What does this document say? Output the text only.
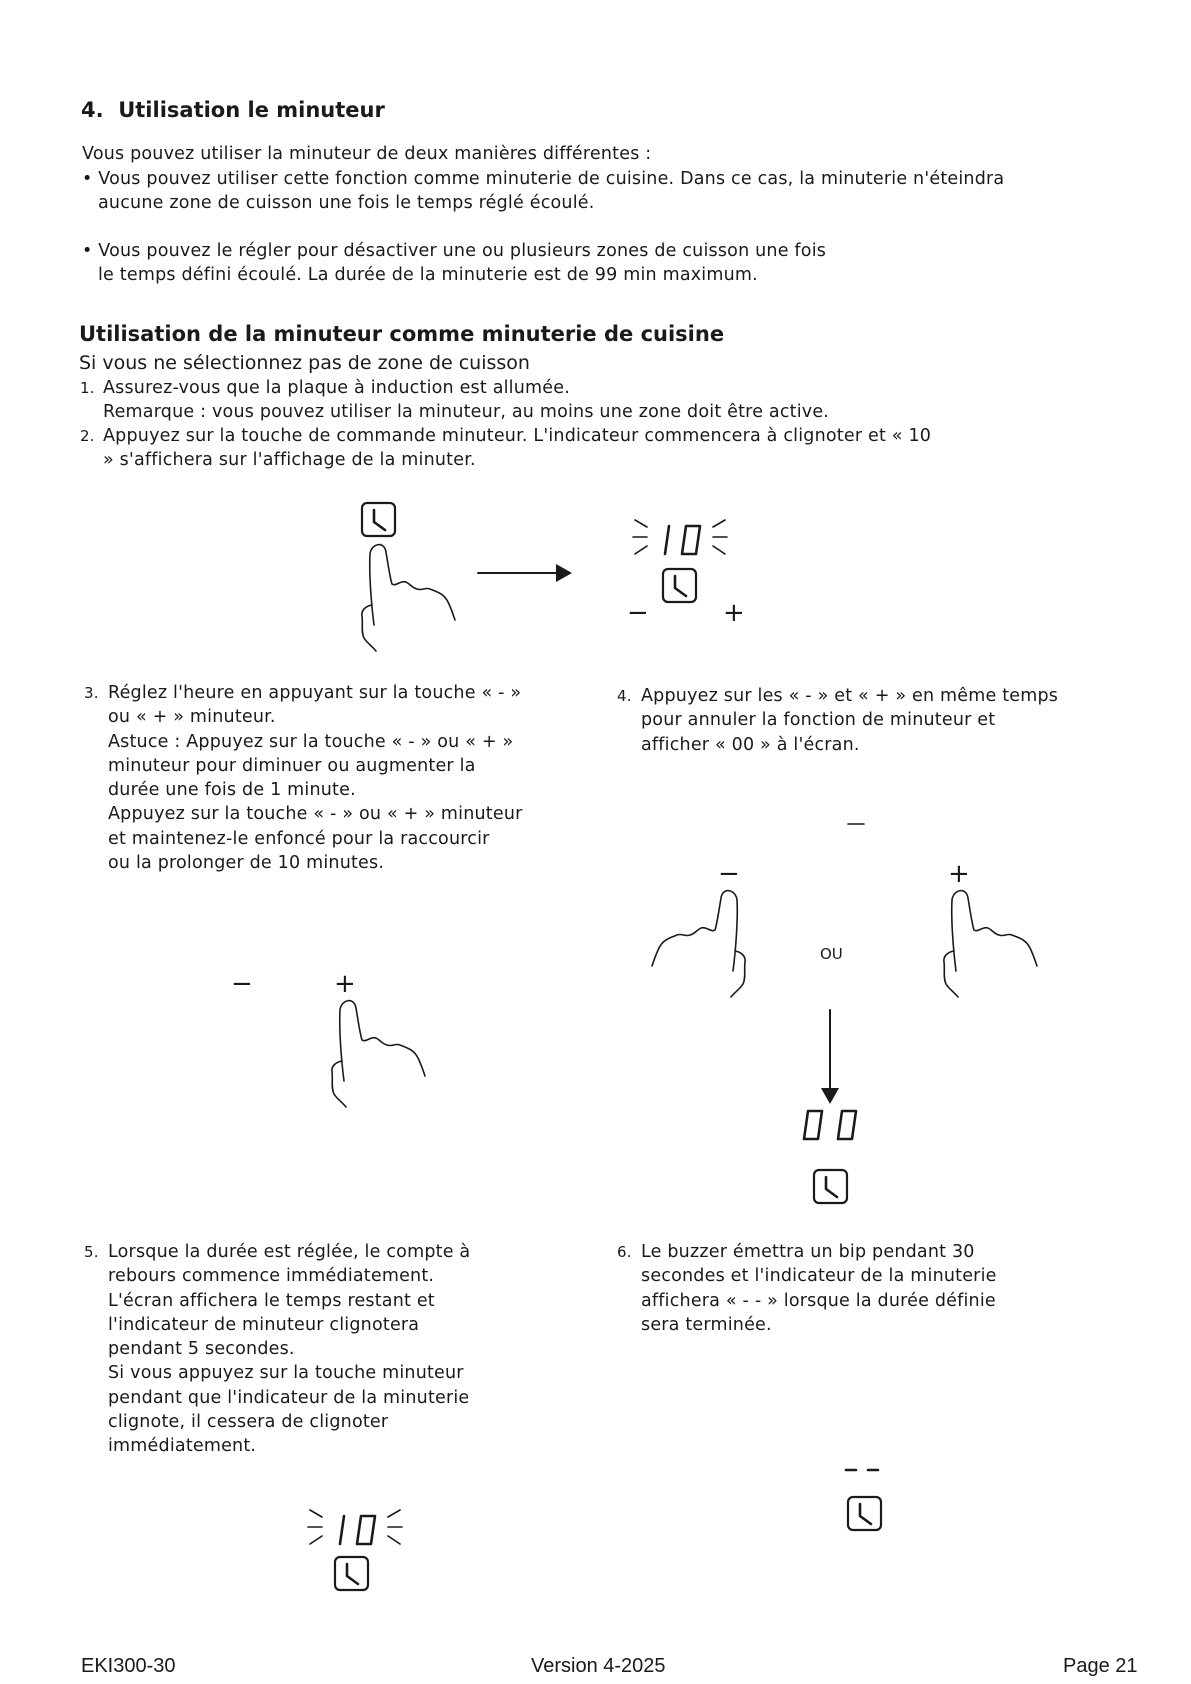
4. Utilisation le minuteur
Vous pouvez utiliser la minuteur de deux manières différentes :
• Vous pouvez utiliser cette fonction comme minuterie de cuisine. Dans ce cas, la minuterie n'éteindra
aucune zone de cuisson une fois le temps réglé écoulé.
• Vous pouvez le régler pour désactiver une ou plusieurs zones de cuisson une fois
le temps défini écoulé. La durée de la minuterie est de 99 min maximum.
Utilisation de la minuteur comme minuterie de cuisine
Si vous ne sélectionnez pas de zone de cuisson
1. Assurez-vous que la plaque à induction est allumée.

Remarque : vous pouvez utiliser la minuteur, au moins une zone doit être active.
2. Appuyez sur la touche de commande minuteur. L'indicateur commencera à clignoter et « 10

» s'affichera sur l'affichage de la minuter.
3. Réglez l'heure en appuyant sur la touche « - »
ou « + » minuteur.
Astuce : Appuyez sur la touche « - » ou « + »
minuteur pour diminuer ou augmenter la
durée une fois de 1 minute.
Appuyez sur la touche « - » ou « + » minuteur
et maintenez-le enfoncé pour la raccourcir
ou la prolonger de 10 minutes.
4. Appuyez sur les « - » et « + » en même temps
pour annuler la fonction de minuteur et
afficher « 00 » à l'écran.
5. Lorsque la durée est réglée, le compte à
rebours commence immédiatement.
L'écran affichera le temps restant et
l'indicateur de minuteur clignotera
pendant 5 secondes.
Si vous appuyez sur la touche minuteur
pendant que l'indicateur de la minuterie
clignote, il cessera de clignoter
immédiatement.
6. Le buzzer émettra un bip pendant 30
secondes et l'indicateur de la minuterie
affichera « - - » lorsque la durée définie
sera terminée.
−	+
−	+
−	+
OU
EKI300-30	Version 4-2025	Page 21
